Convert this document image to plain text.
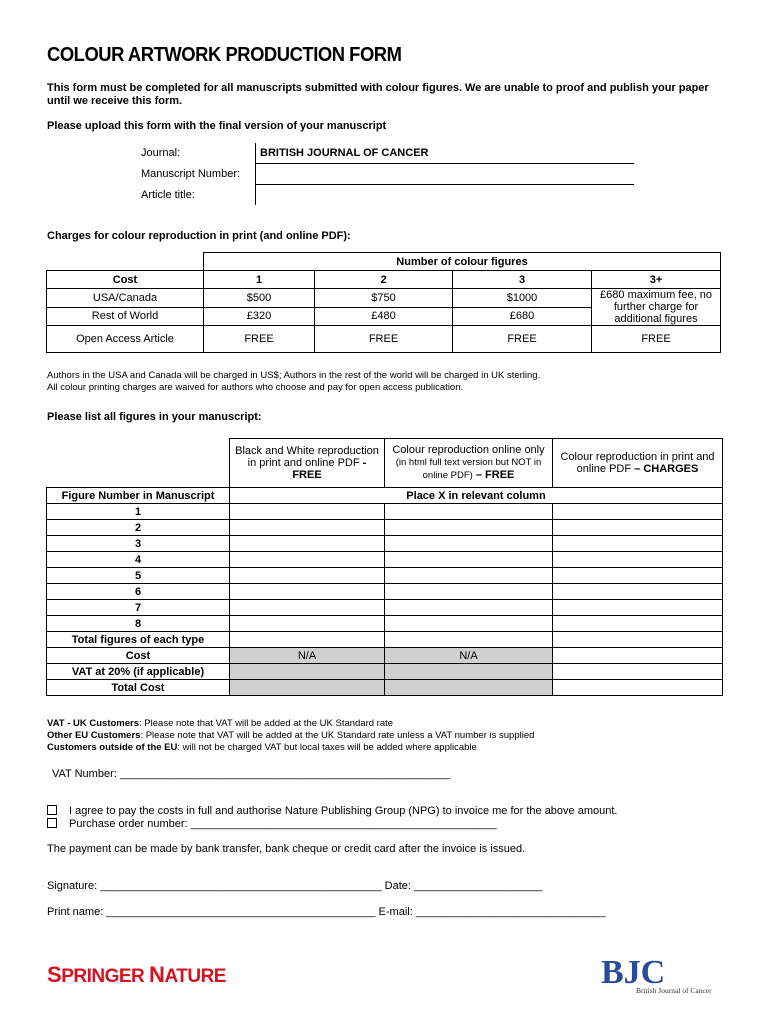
COLOUR ARTWORK PRODUCTION FORM
This form must be completed for all manuscripts submitted with colour figures. We are unable to proof and publish your paper until we receive this form.
Please upload this form with the final version of your manuscript
Journal:	BRITISH JOURNAL OF CANCER
Manuscript Number:	
Article title:	
Charges for colour reproduction in print (and online PDF):
	Number of colour figures			
Cost	1	2	3	3+
USA/Canada	$500	$750	$1000	£680 maximum fee, no further charge for additional figures
Rest of World	£320	£480	£680	
Open Access Article	FREE	FREE	FREE	FREE
Authors in the USA and Canada will be charged in US$; Authors in the rest of the world will be charged in UK sterling.
All colour printing charges are waived for authors who choose and pay for open access publication.
Please list all figures in your manuscript:
	Black and White reproduction in print and online PDF - FREE	Colour reproduction online only (in html full text version but NOT in online PDF) – FREE	Colour reproduction in print and online PDF – CHARGES
Figure Number in Manuscript	Place X in relevant column		
1			
2			
3			
4			
5			
6			
7			
8			
Total figures of each type			
Cost	N/A	N/A	
VAT at 20% (if applicable)			
Total Cost			
VAT - UK Customers: Please note that VAT will be added at the UK Standard rate
Other EU Customers: Please note that VAT will be added at the UK Standard rate unless a VAT number is supplied
Customers outside of the EU: will not be charged VAT but local taxes will be added where applicable
VAT Number: ______________________________________________________
I agree to pay the costs in full and authorise Nature Publishing Group (NPG) to invoice me for the above amount.
Purchase order number: __________________________________________________
The payment can be made by bank transfer, bank cheque or credit card after the invoice is issued.
Signature: ______________________________________________ Date: _____________________
Print name: ____________________________________________ E-mail: _______________________________
SPRINGER NATURE	BJC
British Journal of Cancer
